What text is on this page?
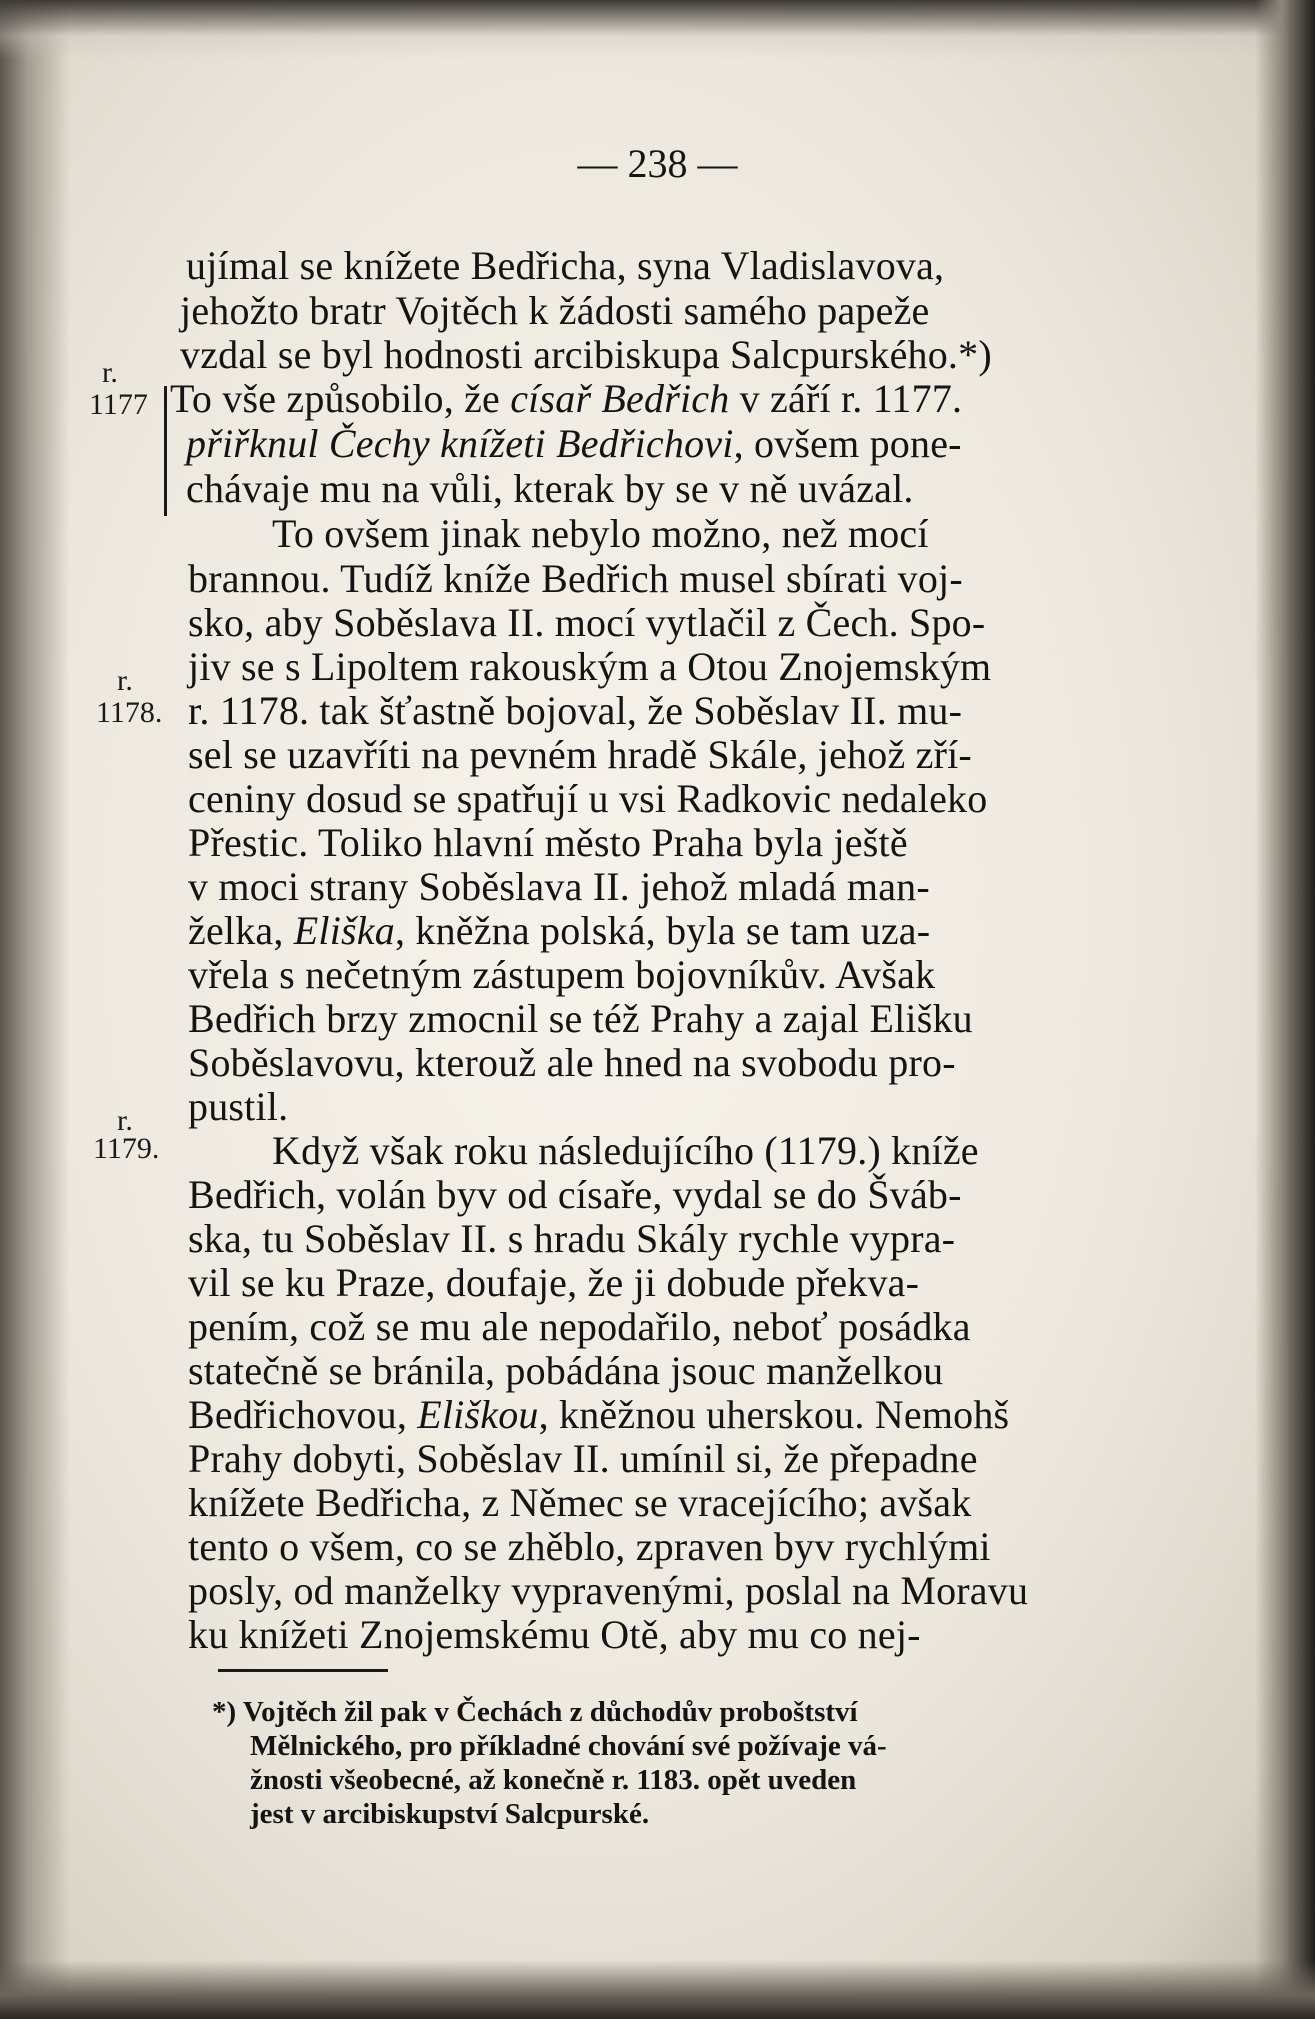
— 238 —
r.
1177
r.
1178.
r.
1179.
ujímal se knížete Bedřicha, syna Vladislavova,
jehožto bratr Vojtěch k žádosti samého papeže
vzdal se byl hodnosti arcibiskupa Salcpurského.*)
To vše způsobilo, že císař Bedřich v září r. 1177.
přiřknul Čechy knížeti Bedřichovi, ovšem pone-
chávaje mu na vůli, kterak by se v ně uvázal.
To ovšem jinak nebylo možno, než mocí
brannou. Tudíž kníže Bedřich musel sbírati voj-
sko, aby Soběslava II. mocí vytlačil z Čech. Spo-
jiv se s Lipoltem rakouským a Otou Znojemským
r. 1178. tak šťastně bojoval, že Soběslav II. mu-
sel se uzavříti na pevném hradě Skále, jehož zří-
ceniny dosud se spatřují u vsi Radkovic nedaleko
Přestic. Toliko hlavní město Praha byla ještě
v moci strany Soběslava II. jehož mladá man-
želka, Eliška, kněžna polská, byla se tam uza-
vřela s nečetným zástupem bojovníkův. Avšak
Bedřich brzy zmocnil se též Prahy a zajal Elišku
Soběslavovu, kterouž ale hned na svobodu pro-
pustil.
Když však roku následujícího (1179.) kníže
Bedřich, volán byv od císaře, vydal se do Šváb-
ska, tu Soběslav II. s hradu Skály rychle vypra-
vil se ku Praze, doufaje, že ji dobude překva-
pením, což se mu ale nepodařilo, neboť posádka
statečně se bránila, pobádána jsouc manželkou
Bedřichovou, Eliškou, kněžnou uherskou. Nemohš
Prahy dobyti, Soběslav II. umínil si, že přepadne
knížete Bedřicha, z Němec se vracejícího; avšak
tento o všem, co se zhěblo, zpraven byv rychlými
posly, od manželky vypravenými, poslal na Moravu
ku knížeti Znojemskému Otě, aby mu co nej-
*) Vojtěch žil pak v Čechách z důchodův proboštství
Mělnického, pro příkladné chování své požívaje vá-
žnosti všeobecné, až konečně r. 1183. opět uveden
jest v arcibiskupství Salcpurské.
